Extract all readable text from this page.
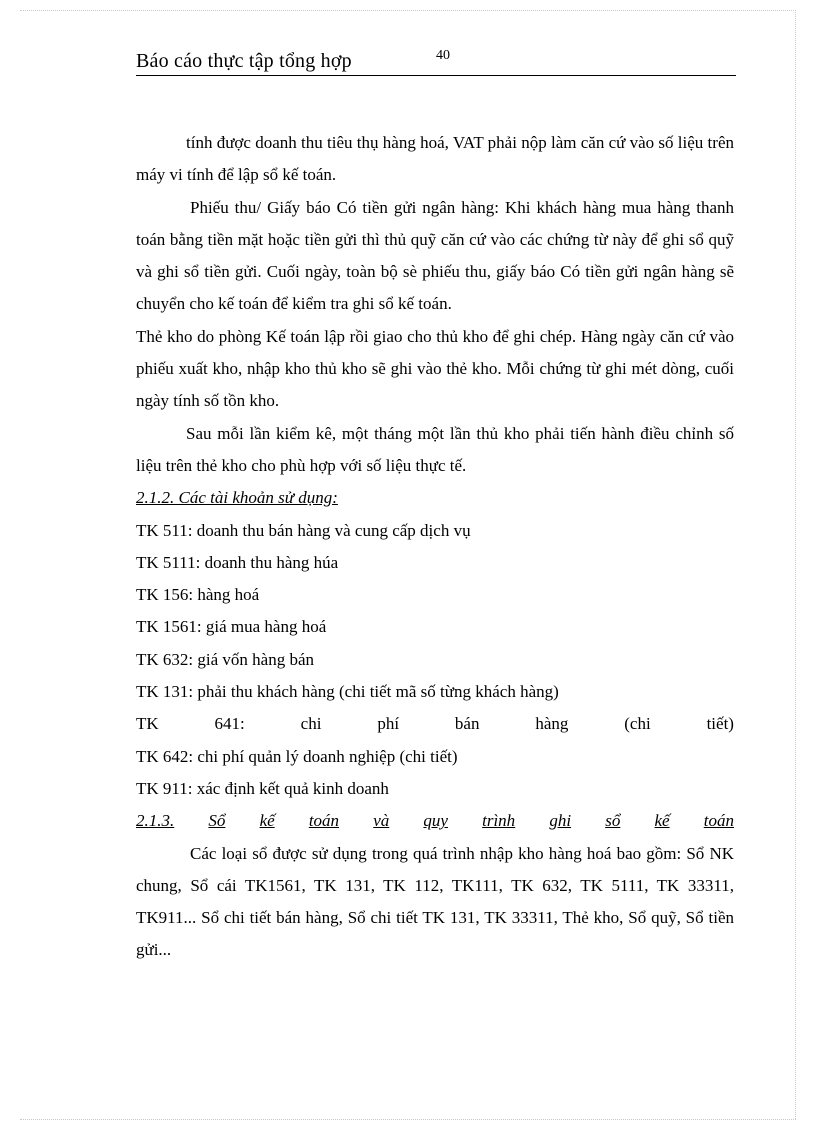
Báo cáo thực tập tổng hợp	40

tính được doanh thu tiêu thụ hàng hoá, VAT phải nộp làm căn cứ vào số liệu trên máy vi tính để lập sổ kế toán.

Phiếu thu/ Giấy báo Có tiền gửi ngân hàng: Khi khách hàng mua hàng thanh toán bằng tiền mặt hoặc tiền gửi thì thủ quỹ căn cứ vào các chứng từ này để ghi sổ quỹ và ghi sổ tiền gửi. Cuối ngày, toàn bộ sè phiếu thu, giấy báo Có tiền gửi ngân hàng sẽ chuyển cho kế toán để kiểm tra ghi sổ kế toán.

Thẻ kho do phòng Kế toán lập rồi giao cho thủ kho để ghi chép. Hàng ngày căn cứ vào phiếu xuất kho, nhập kho thủ kho sẽ ghi vào thẻ kho. Mỗi chứng từ ghi mét dòng, cuối ngày tính số tồn kho.

Sau mỗi lần kiểm kê, một tháng một lần thủ kho phải tiến hành điều chỉnh số liệu trên thẻ kho cho phù hợp với số liệu thực tế.

2.1.2. Các tài khoản sử dụng:

TK 511: doanh thu bán hàng và cung cấp dịch vụ

TK 5111: doanh thu hàng húa

TK 156: hàng hoá

TK 1561: giá mua hàng hoá

TK 632: giá vốn hàng bán

TK 131: phải thu khách hàng (chi tiết mã số từng khách hàng)

TK	641:	chi	phí	bán	hàng	(chi	tiết)

TK 642: chi phí quản lý doanh nghiệp (chi tiết)

TK 911: xác định kết quả kinh doanh

2.1.3. Sổ kế toán và quy trình ghi sổ kế toán

Các loại sổ được sử dụng trong quá trình nhập kho hàng hoá bao gồm: Sổ NK chung, Sổ cái TK1561, TK 131, TK 112, TK111, TK 632, TK 5111, TK 33311, TK911... Sổ chi tiết bán hàng, Sổ chi tiết TK 131, TK 33311, Thẻ kho, Sổ quỹ, Sổ tiền gửi...
